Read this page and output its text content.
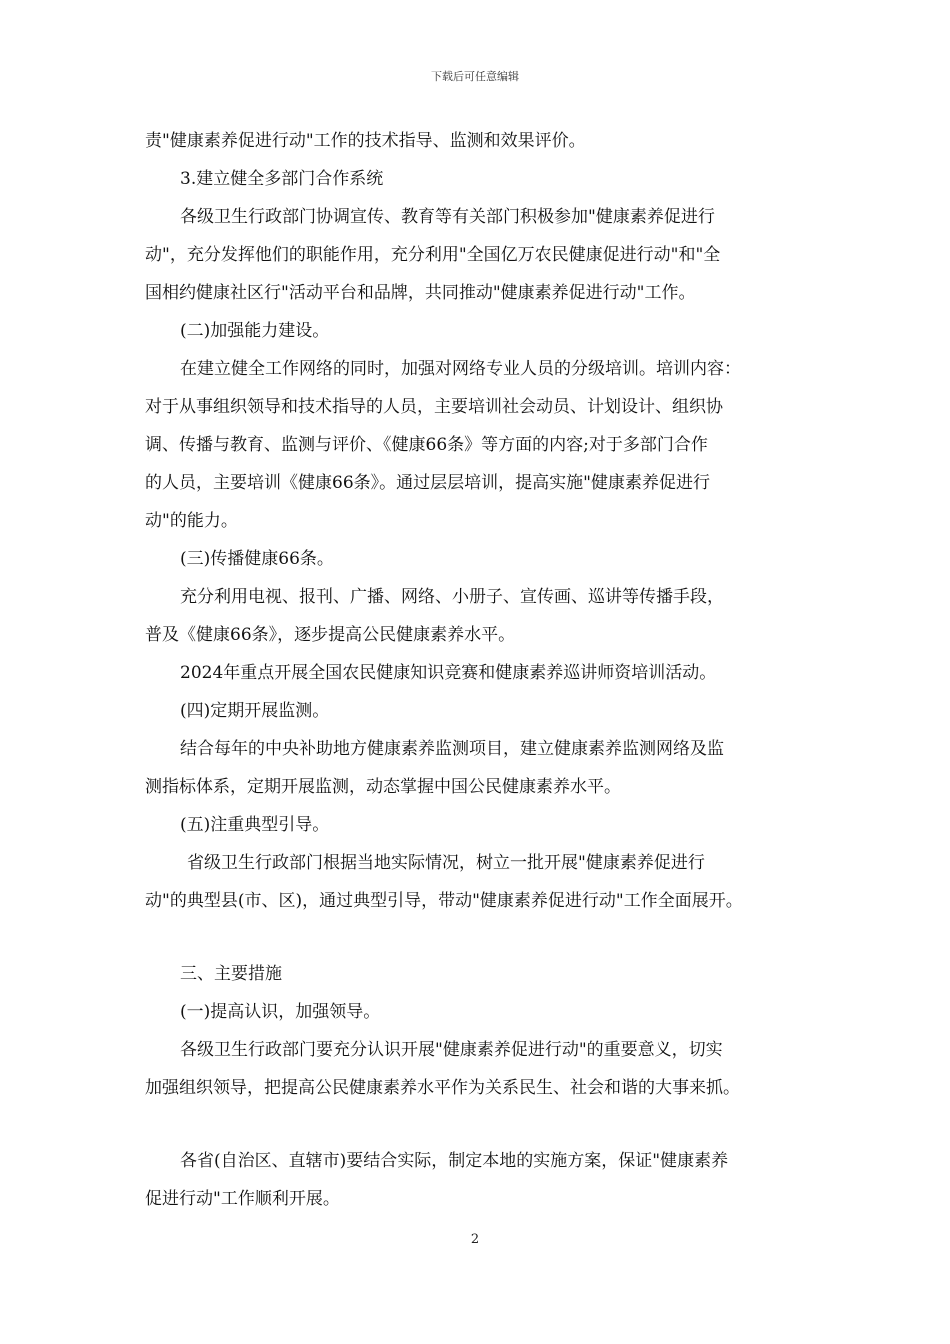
下载后可任意编辑
责"健康素养促进行动"工作的技术指导、监测和效果评价。
3.建立健全多部门合作系统
各级卫生行政部门协调宣传、教育等有关部门积极参加"健康素养促进行
动"，充分发挥他们的职能作用，充分利用"全国亿万农民健康促进行动"和"全
国相约健康社区行"活动平台和品牌，共同推动"健康素养促进行动"工作。
(二)加强能力建设。
在建立健全工作网络的同时，加强对网络专业人员的分级培训。培训内容：
对于从事组织领导和技术指导的人员，主要培训社会动员、计划设计、组织协
调、传播与教育、监测与评价、《健康66条》等方面的内容;对于多部门合作
的人员，主要培训《健康66条》。通过层层培训，提高实施"健康素养促进行
动"的能力。
(三)传播健康66条。
充分利用电视、报刊、广播、网络、小册子、宣传画、巡讲等传播手段，
普及《健康66条》，逐步提高公民健康素养水平。
2024年重点开展全国农民健康知识竞赛和健康素养巡讲师资培训活动。
(四)定期开展监测。
结合每年的中央补助地方健康素养监测项目，建立健康素养监测网络及监
测指标体系，定期开展监测，动态掌握中国公民健康素养水平。
(五)注重典型引导。
省级卫生行政部门根据当地实际情况，树立一批开展"健康素养促进行
动"的典型县(市、区)，通过典型引导，带动"健康素养促进行动"工作全面展开。
三、主要措施
(一)提高认识，加强领导。
各级卫生行政部门要充分认识开展"健康素养促进行动"的重要意义，切实
加强组织领导，把提高公民健康素养水平作为关系民生、社会和谐的大事来抓。
各省(自治区、直辖市)要结合实际，制定本地的实施方案，保证"健康素养
促进行动"工作顺利开展。
2
